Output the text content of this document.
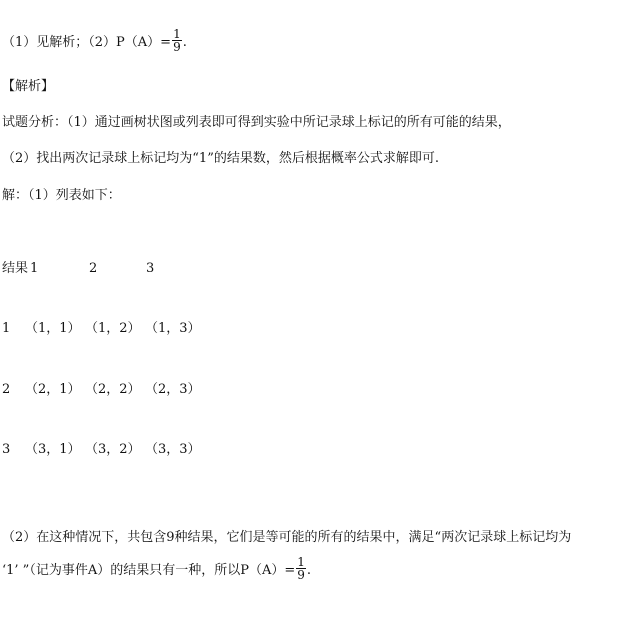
（1）见解析；$(2)P(A)= \frac{1}{9}$ .
【解析】
试题分析：（1）通过画树状图或列表即可得到实验中所记录球上标记的所有可能的结果，
（2）找出两次记录球上标记均为“1”的结果数，然后根据概率公式求解即可.
解：（1）列表如下：
结果 1	2	3
1 （1，1） （1，2） （1，3）
2 （2，1） （2，2） （2，3）
3 （3，1） （3，2） （3，3）
（2）在这种情况下，共包含9种结果，它们是等可能的所有的结果中，满足“两次记录球上标记均为
‘1’ ”（记为事件A）的结果只有一种，所以$P(A)= \frac{1}{9}$ .
